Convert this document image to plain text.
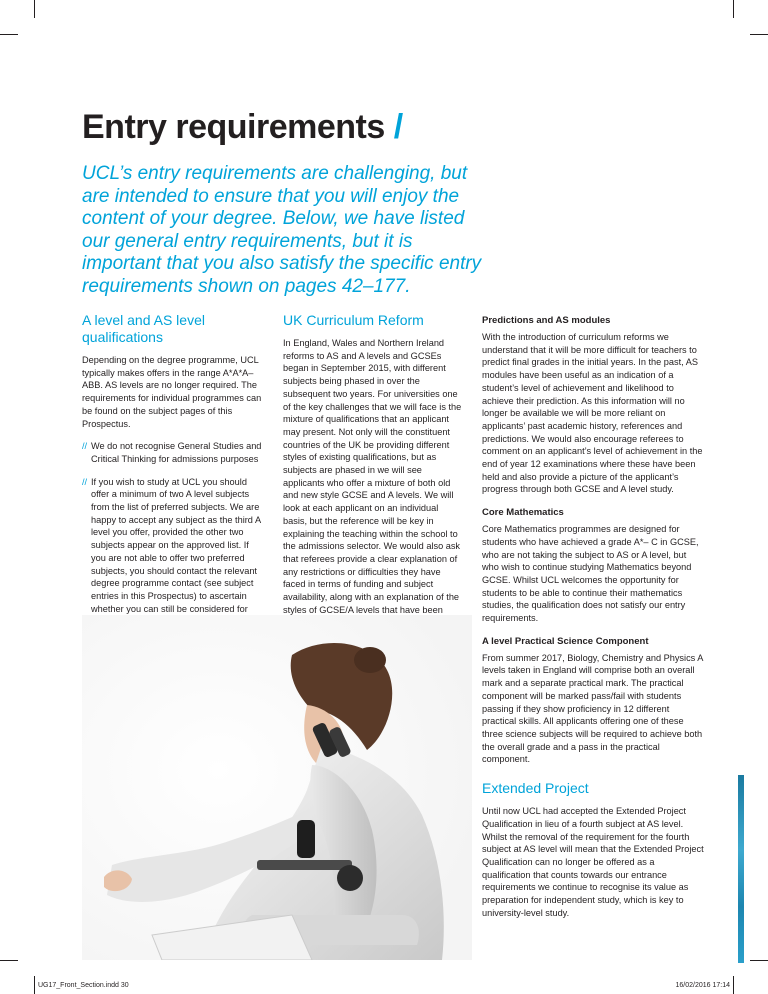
Entry requirements /

UCL’s entry requirements are challenging, but are intended to ensure that you will enjoy the content of your degree. Below, we have listed our general entry requirements, but it is important that you also satisfy the specific entry requirements shown on pages 42–177.

A level and AS level qualifications

Depending on the degree programme, UCL typically makes offers in the range A*A*A–ABB. AS levels are no longer required. The requirements for individual programmes can be found on the subject pages of this Prospectus.

// We do not recognise General Studies and Critical Thinking for admissions purposes

// If you wish to study at UCL you should offer a minimum of two A level subjects from the list of preferred subjects. We are happy to accept any subject as the third A level you offer, provided the other two subjects appear on the approved list. If you are not able to offer two preferred subjects, you should contact the relevant degree programme contact (see subject entries in this Prospectus) to ascertain whether you can still be considered for

UK Curriculum Reform

In England, Wales and Northern Ireland reforms to AS and A levels and GCSEs began in September 2015, with different subjects being phased in over the subsequent two years. For universities one of the key challenges that we will face is the mixture of qualifications that an applicant may present. Not only will the constituent countries of the UK be providing different styles of existing qualifications, but as subjects are phased in we will see applicants who offer a mixture of both old and new style GCSE and A levels. We will look at each applicant on an individual basis, but the reference will be key in explaining the teaching within the school to the admissions selector. We would also ask that referees provide a clear explanation of any restrictions or difficulties they have faced in terms of funding and subject availability, along with an explanation of the styles of GCSE/A levels that have been

Predictions and AS modules

With the introduction of curriculum reforms we understand that it will be more difficult for teachers to predict final grades in the initial years. In the past, AS modules have been useful as an indication of a student’s level of achievement and likelihood to achieve their prediction. As this information will no longer be available we will be more reliant on applicants’ past academic history, references and predictions. We would also encourage referees to comment on an applicant’s level of achievement in the end of year 12 examinations where these have been held and also provide a picture of the applicant’s progress through both GCSE and A level study.

Core Mathematics

Core Mathematics programmes are designed for students who have achieved a grade A*– C in GCSE, who are not taking the subject to AS or A level, but who wish to continue studying Mathematics beyond GCSE. Whilst UCL welcomes the opportunity for students to be able to continue their mathematics studies, the qualification does not satisfy our entry requirements.

A level Practical Science Component

From summer 2017, Biology, Chemistry and Physics A levels taken in England will comprise both an overall mark and a separate practical mark. The practical component will be marked pass/fail with students passing if they show proficiency in 12 different practical skills. All applicants offering one of these three science subjects will be required to achieve both the overall grade and a pass in the practical component.

Extended Project

Until now UCL had accepted the Extended Project Qualification in lieu of a fourth subject at AS level. Whilst the removal of the requirement for the fourth subject at AS level will mean that the Extended Project Qualification can no longer be offered as a qualification that counts towards our entrance requirements we continue to recognise its value as preparation for independent study, which is key to university-level study.

UG17_Front_Section.indd 30	16/02/2016 17:14
